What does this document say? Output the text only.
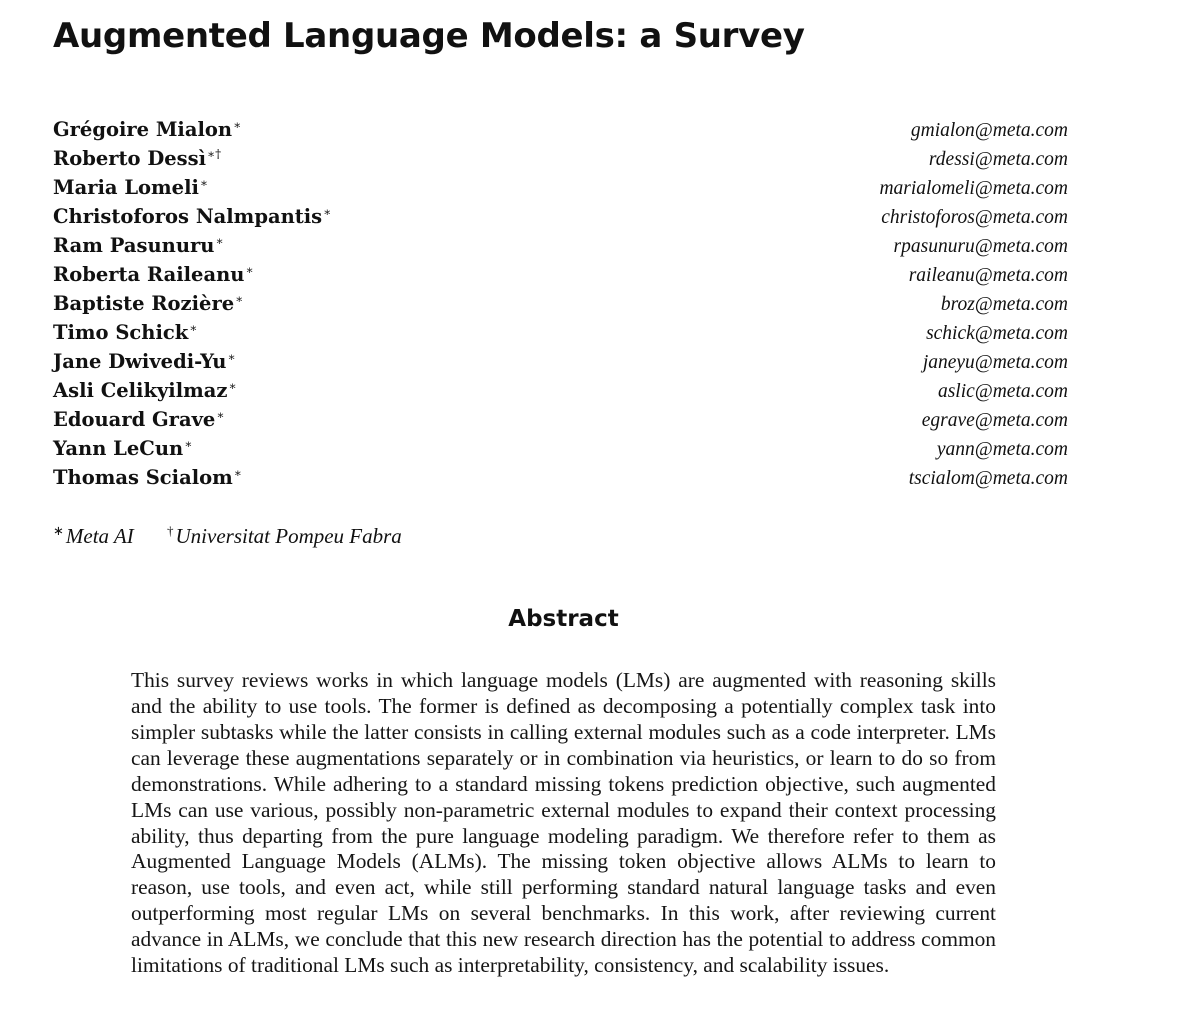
Augmented Language Models: a Survey
Grégoire Mialon∗	gmialon@meta.com
Roberto Dessì∗†	rdessi@meta.com
Maria Lomeli∗	marialomeli@meta.com
Christoforos Nalmpantis∗	christoforos@meta.com
Ram Pasunuru∗	rpasunuru@meta.com
Roberta Raileanu∗	raileanu@meta.com
Baptiste Rozière∗	broz@meta.com
Timo Schick∗	schick@meta.com
Jane Dwivedi-Yu∗	janeyu@meta.com
Asli Celikyilmaz∗	aslic@meta.com
Edouard Grave∗	egrave@meta.com
Yann LeCun∗	yann@meta.com
Thomas Scialom∗	tscialom@meta.com
∗Meta AI	†Universitat Pompeu Fabra
Abstract

This survey reviews works in which language models (LMs) are augmented with reasoning skills and the ability to use tools. The former is defined as decomposing a potentially complex task into simpler subtasks while the latter consists in calling external modules such as a code interpreter. LMs can leverage these augmentations separately or in combination via heuristics, or learn to do so from demonstrations. While adhering to a standard missing tokens prediction objective, such augmented LMs can use various, possibly non-parametric external modules to expand their context processing ability, thus departing from the pure language modeling paradigm. We therefore refer to them as Augmented Language Models (ALMs). The missing token objective allows ALMs to learn to reason, use tools, and even act, while still performing standard natural language tasks and even outperforming most regular LMs on several benchmarks. In this work, after reviewing current advance in ALMs, we conclude that this new research direction has the potential to address common limitations of traditional LMs such as interpretability, consistency, and scalability issues.
